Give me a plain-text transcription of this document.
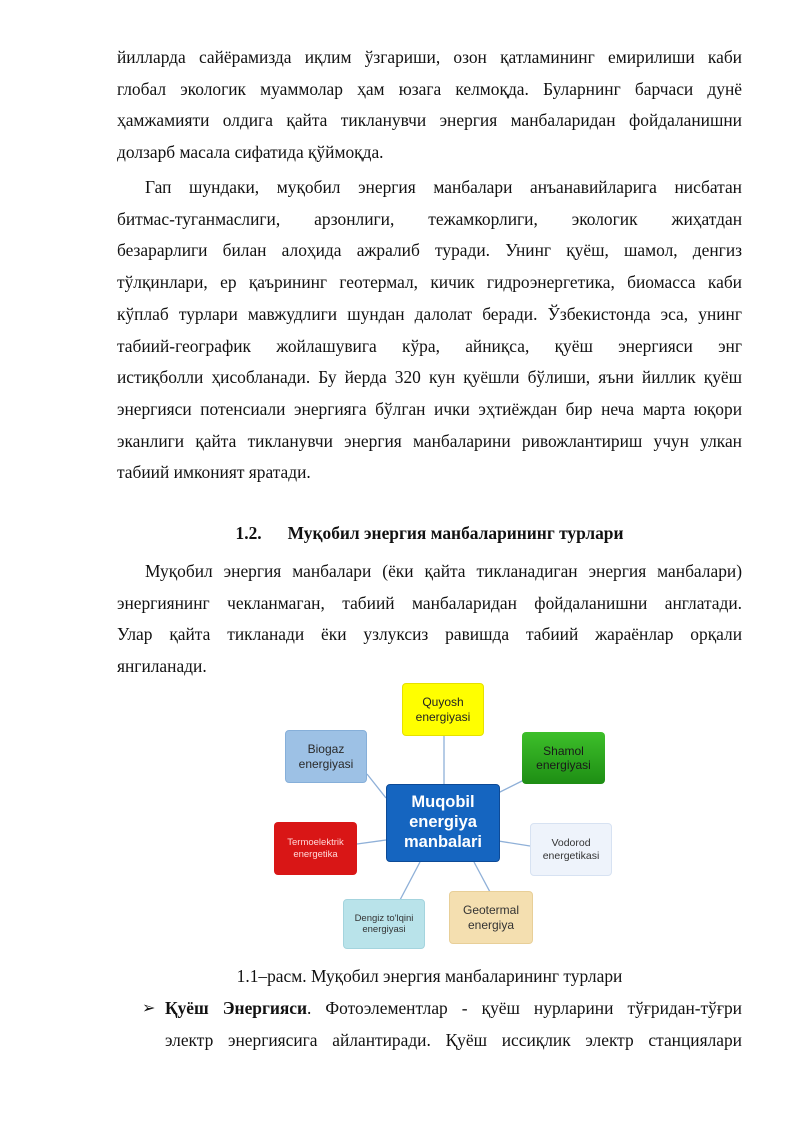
йилларда сайёрамизда иқлим ўзгариши, озон қатламининг емирилиши каби
глобал экологик муаммолар ҳам юзага келмоқда. Буларнинг барчаси дунё
ҳамжамияти олдига қайта тикланувчи энергия манбаларидан фойдаланишни
долзарб масала сифатида қўймоқда.
Гап шундаки, муқобил энергия манбалари анъанавийларига нисбатан
битмас-туганмаслиги, арзонлиги, тежамкорлиги, экологик жиҳатдан
безарарлиги билан алоҳида ажралиб туради. Унинг қуёш, шамол, денгиз
тўлқинлари, ер қаърининг геотермал, кичик гидроэнергетика, биомасса каби
кўплаб турлари мавжудлиги шундан далолат беради. Ўзбекистонда эса, унинг
табиий-географик жойлашувига кўра, айниқса, қуёш энергияси энг
истиқболли ҳисобланади. Бу йерда 320 кун қуёшли бўлиши, яъни йиллик қуёш
энергияси потенсиали энергияга бўлган ички эҳтиёждан бир неча марта юқори
эканлиги қайта тикланувчи энергия манбаларини ривожлантириш учун улкан
табиий имконият яратади.
1.2. Муқобил энергия манбаларининг турлари
Муқобил энергия манбалари (ёки қайта тикланадиган энергия манбалари)
энергиянинг чекланмаган, табиий манбаларидан фойдаланишни англатади.
Улар қайта тикланади ёки узлуксиз равишда табиий жараёнлар орқали
янгиланади.
Muqobil energiya manbalari
Quyosh energiyasi
Shamol energiyasi
Vodorod energetikasi
Geotermal energiya
Dengiz to'lqini energiyasi
Termoelektrik energetika
Biogaz energiyasi
1.1–расм. Муқобил энергия манбаларининг турлари
➢ Қуёш Энергияси. Фотоэлементлар - қуёш нурларини тўғридан-тўғри
электр энергиясига айлантиради. Қуёш иссиқлик электр станциялари
